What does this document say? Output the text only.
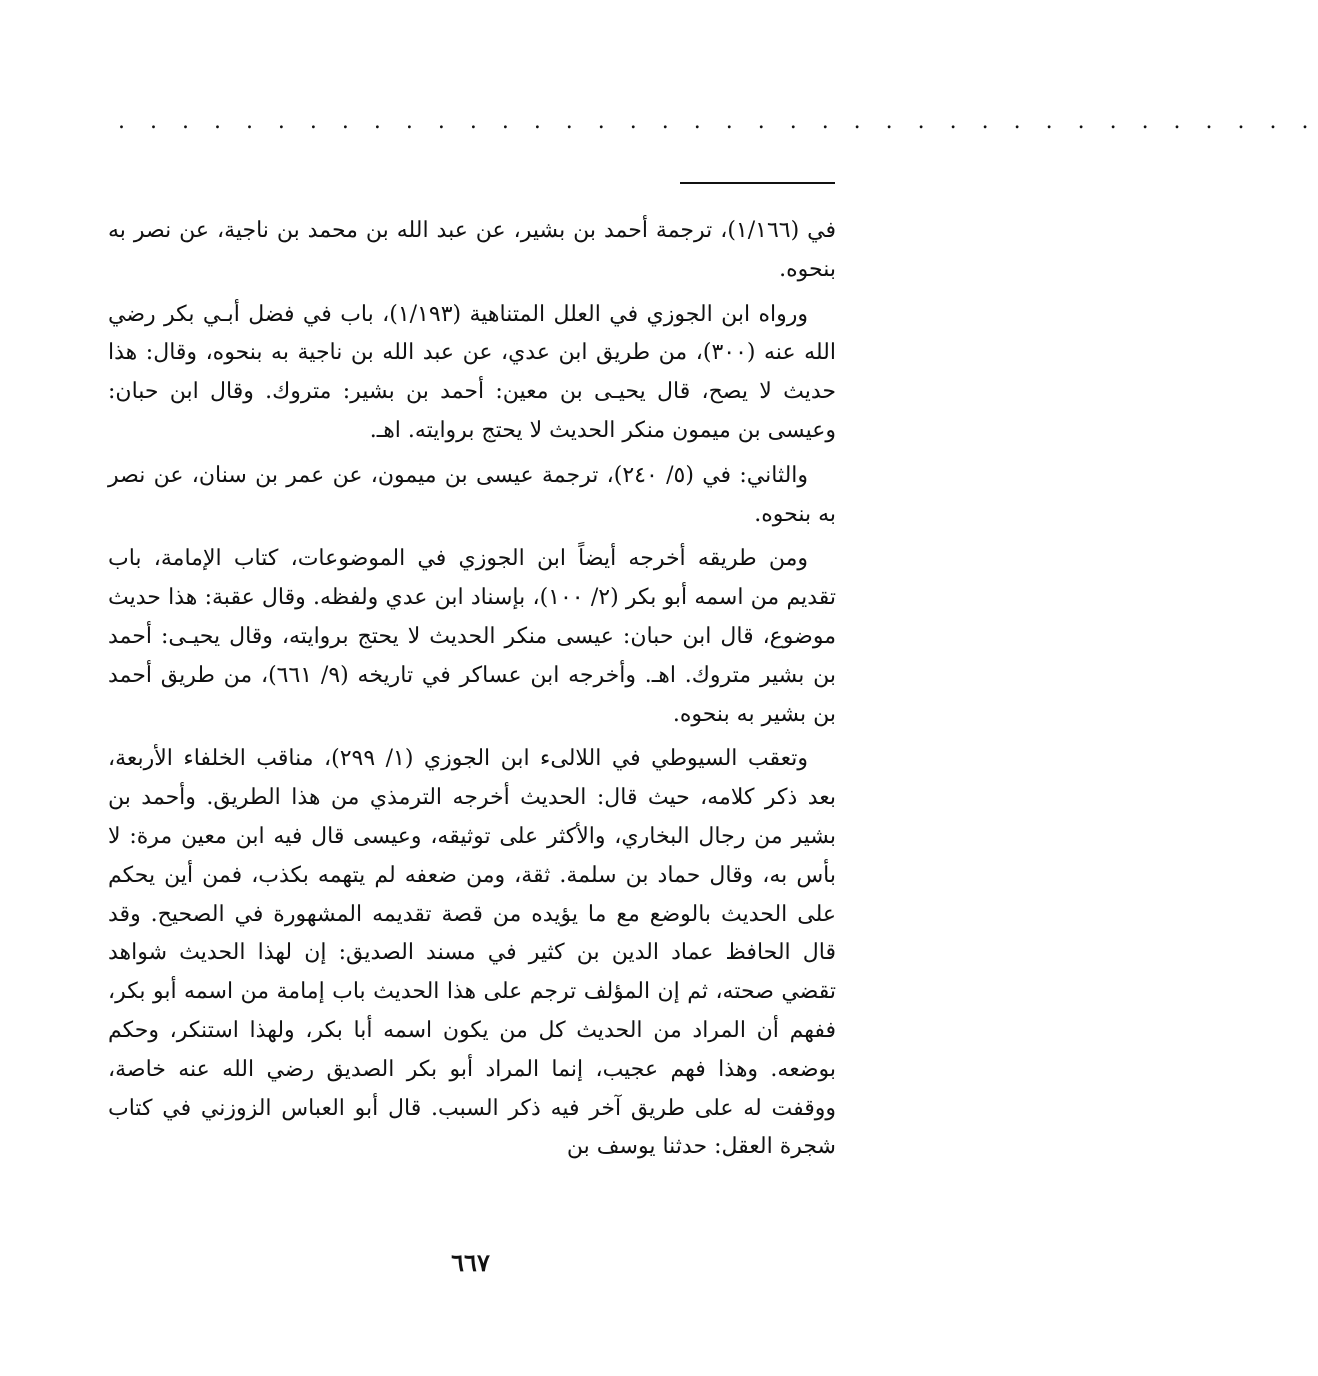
. . . . . . . . . . . . . . . . . . . . . . . . . . . . . . . . . . . . . .

في (١/١٦٦)، ترجمة أحمد بن بشير، عن عبد الله بن محمد بن ناجية، عن نصر به بنحوه.

ورواه ابن الجوزي في العلل المتناهية (١/١٩٣)، باب في فضل أبـي بكر رضي الله عنه (٣٠٠)، من طريق ابن عدي، عن عبد الله بن ناجية به بنحوه، وقال: هذا حديث لا يصح، قال يحيـى بن معين: أحمد بن بشير: متروك. وقال ابن حبان: وعيسى بن ميمون منكر الحديث لا يحتج بروايته. اهـ.

والثاني: في (٥/ ٢٤٠)، ترجمة عيسى بن ميمون، عن عمر بن سنان، عن نصر به بنحوه.

ومن طريقه أخرجه أيضاً ابن الجوزي في الموضوعات، كتاب الإمامة، باب تقديم من اسمه أبو بكر (٢/ ١٠٠)، بإسناد ابن عدي ولفظه. وقال عقبة: هذا حديث موضوع، قال ابن حبان: عيسى منكر الحديث لا يحتج بروايته، وقال يحيـى: أحمد بن بشير متروك. اهـ. وأخرجه ابن عساكر في تاريخه (٩/ ٦٦١)، من طريق أحمد بن بشير به بنحوه.

وتعقب السيوطي في اللالىء ابن الجوزي (١/ ٢٩٩)، مناقب الخلفاء الأربعة، بعد ذكر كلامه، حيث قال: الحديث أخرجه الترمذي من هذا الطريق. وأحمد بن بشير من رجال البخاري، والأكثر على توثيقه، وعيسى قال فيه ابن معين مرة: لا بأس به، وقال حماد بن سلمة. ثقة، ومن ضعفه لم يتهمه بكذب، فمن أين يحكم على الحديث بالوضع مع ما يؤيده من قصة تقديمه المشهورة في الصحيح. وقد قال الحافظ عماد الدين بن كثير في مسند الصديق: إن لهذا الحديث شواهد تقضي صحته، ثم إن المؤلف ترجم على هذا الحديث باب إمامة من اسمه أبو بكر، ففهم أن المراد من الحديث كل من يكون اسمه أبا بكر، ولهذا استنكر، وحكم بوضعه. وهذا فهم عجيب، إنما المراد أبو بكر الصديق رضي الله عنه خاصة، ووقفت له على طريق آخر فيه ذكر السبب. قال أبو العباس الزوزني في كتاب شجرة العقل: حدثنا يوسف بن

٦٦٧
